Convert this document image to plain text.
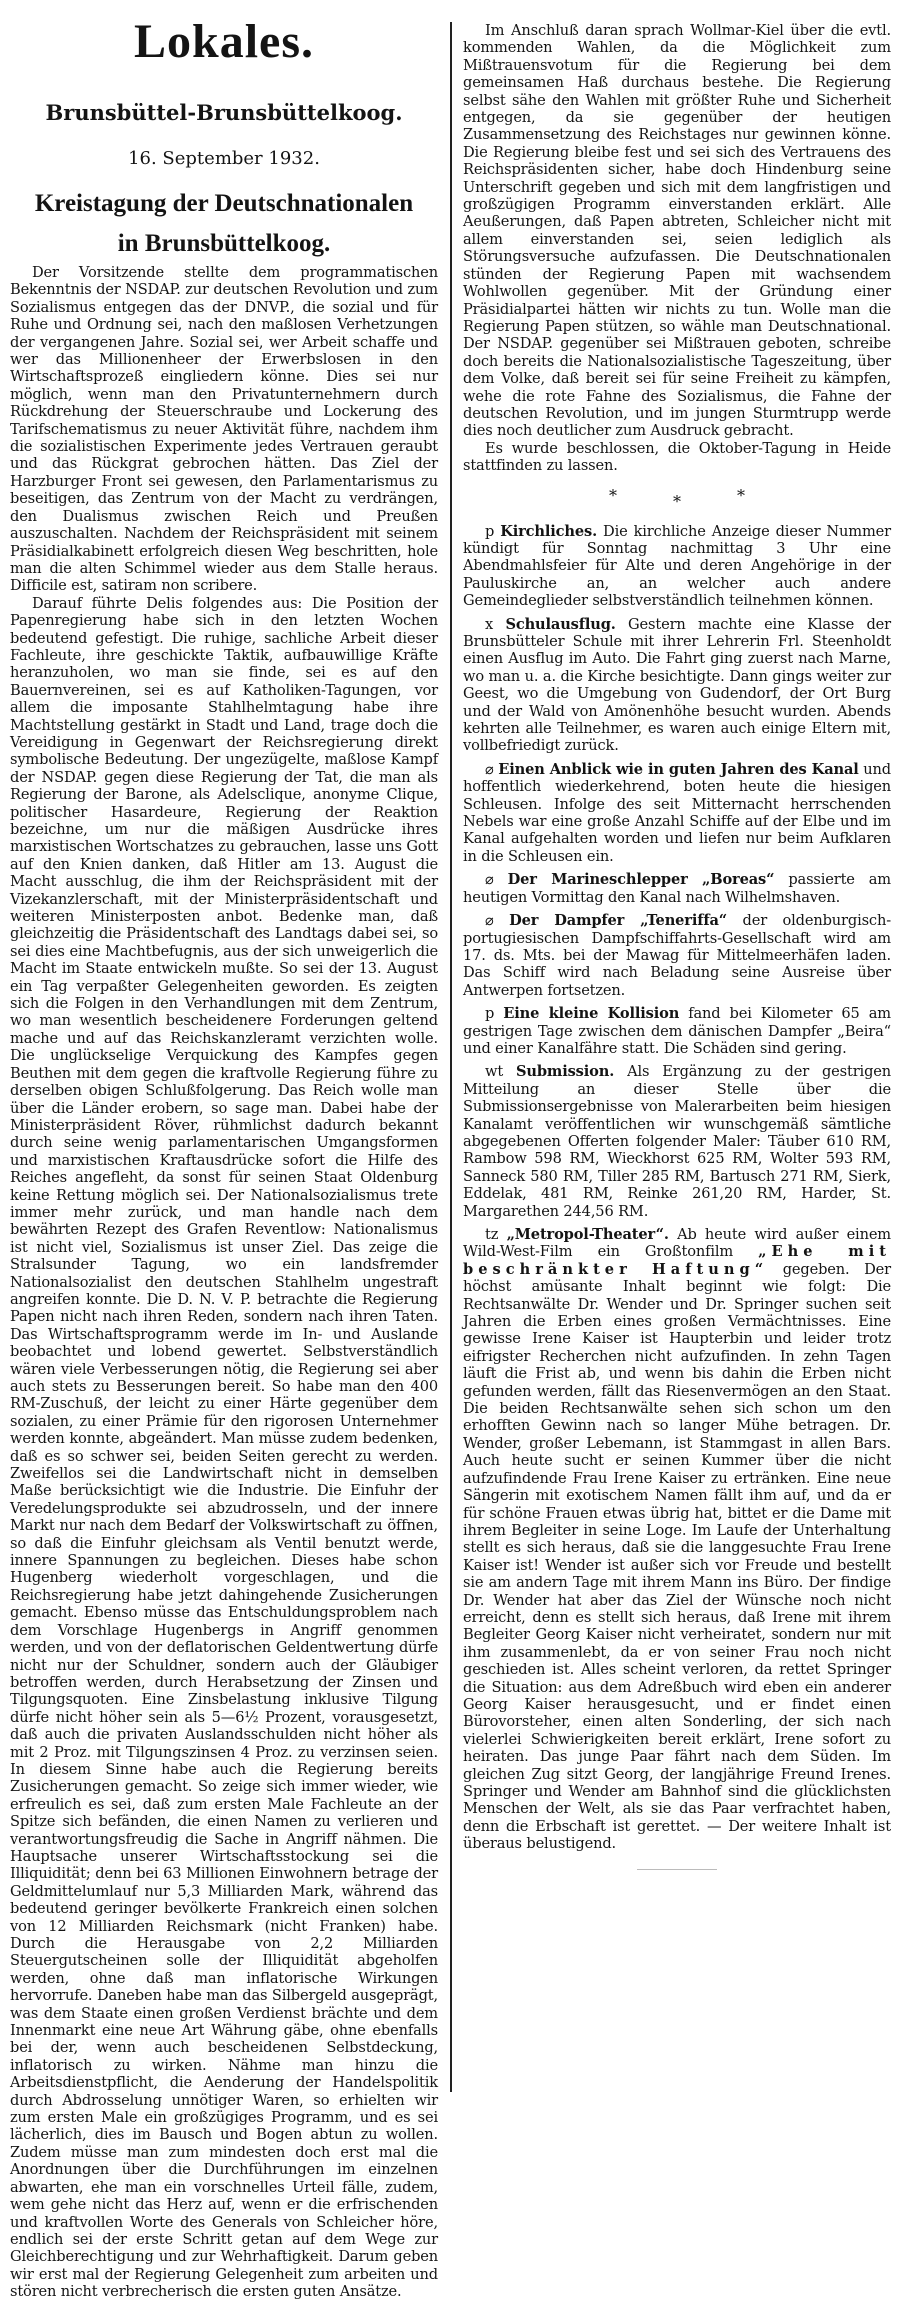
Lokales.
Brunsbüttel-Brunsbüttelkoog.
16. September 1932.
Kreistagung der Deutschnationalen
in Brunsbüttelkoog.

Der Vorsitzende stellte dem programmatischen Bekenntnis der NSDAP. zur deutschen Revolution und zum Sozialismus entgegen das der DNVP., die sozial und für Ruhe und Ordnung sei, nach den maßlosen Verhetzungen der vergangenen Jahre. Sozial sei, wer Arbeit schaffe und wer das Millionenheer der Erwerbslosen in den Wirtschaftsprozeß eingliedern könne. Dies sei nur möglich, wenn man den Privatunternehmern durch Rückdrehung der Steuerschraube und Lockerung des Tarifschematismus zu neuer Aktivität führe, nachdem ihm die sozialistischen Experimente jedes Vertrauen geraubt und das Rückgrat gebrochen hätten. Das Ziel der Harzburger Front sei gewesen, den Parlamentarismus zu beseitigen, das Zentrum von der Macht zu verdrängen, den Dualismus zwischen Reich und Preußen auszuschalten. Nachdem der Reichspräsident mit seinem Präsidialkabinett erfolgreich diesen Weg beschritten, hole man die alten Schimmel wieder aus dem Stalle heraus. Difficile est, satiram non scribere.

Darauf führte Delis folgendes aus: Die Position der Papenregierung habe sich in den letzten Wochen bedeutend gefestigt. Die ruhige, sachliche Arbeit dieser Fachleute, ihre geschickte Taktik, aufbauwillige Kräfte heranzuholen, wo man sie finde, sei es auf den Bauernvereinen, sei es auf Katholiken-Tagungen, vor allem die imposante Stahlhelmtagung habe ihre Machtstellung gestärkt in Stadt und Land, trage doch die Vereidigung in Gegenwart der Reichsregierung direkt symbolische Bedeutung. Der ungezügelte, maßlose Kampf der NSDAP. gegen diese Regierung der Tat, die man als Regierung der Barone, als Adelsclique, anonyme Clique, politischer Hasardeure, Regierung der Reaktion bezeichne, um nur die mäßigen Ausdrücke ihres marxistischen Wortschatzes zu gebrauchen, lasse uns Gott auf den Knien danken, daß Hitler am 13. August die Macht ausschlug, die ihm der Reichspräsident mit der Vizekanzlerschaft, mit der Ministerpräsidentschaft und weiteren Ministerposten anbot. Bedenke man, daß gleichzeitig die Präsidentschaft des Landtags dabei sei, so sei dies eine Machtbefugnis, aus der sich unweigerlich die Macht im Staate entwickeln mußte. So sei der 13. August ein Tag verpaßter Gelegenheiten geworden. Es zeigten sich die Folgen in den Verhandlungen mit dem Zentrum, wo man wesentlich bescheidenere Forderungen geltend mache und auf das Reichskanzleramt verzichten wolle. Die unglückselige Verquickung des Kampfes gegen Beuthen mit dem gegen die kraftvolle Regierung führe zu derselben obigen Schlußfolgerung. Das Reich wolle man über die Länder erobern, so sage man. Dabei habe der Ministerpräsident Röver, rühmlichst dadurch bekannt durch seine wenig parlamentarischen Umgangsformen und marxistischen Kraftausdrücke sofort die Hilfe des Reiches angefleht, da sonst für seinen Staat Oldenburg keine Rettung möglich sei. Der Nationalsozialismus trete immer mehr zurück, und man handle nach dem bewährten Rezept des Grafen Reventlow: Nationalismus ist nicht viel, Sozialismus ist unser Ziel. Das zeige die Stralsunder Tagung, wo ein landsfremder Nationalsozialist den deutschen Stahlhelm ungestraft angreifen konnte. Die D. N. V. P. betrachte die Regierung Papen nicht nach ihren Reden, sondern nach ihren Taten. Das Wirtschaftsprogramm werde im In- und Auslande beobachtet und lobend gewertet. Selbstverständlich wären viele Verbesserungen nötig, die Regierung sei aber auch stets zu Besserungen bereit. So habe man den 400 RM-Zuschuß, der leicht zu einer Härte gegenüber dem sozialen, zu einer Prämie für den rigorosen Unternehmer werden konnte, abgeändert. Man müsse zudem bedenken, daß es so schwer sei, beiden Seiten gerecht zu werden. Zweifellos sei die Landwirtschaft nicht in demselben Maße berücksichtigt wie die Industrie. Die Einfuhr der Veredelungsprodukte sei abzudrosseln, und der innere Markt nur nach dem Bedarf der Volkswirtschaft zu öffnen, so daß die Einfuhr gleichsam als Ventil benutzt werde, innere Spannungen zu begleichen. Dieses habe schon Hugenberg wiederholt vorgeschlagen, und die Reichsregierung habe jetzt dahingehende Zusicherungen gemacht. Ebenso müsse das Entschuldungsproblem nach dem Vorschlage Hugenbergs in Angriff genommen werden, und von der deflatorischen Geldentwertung dürfe nicht nur der Schuldner, sondern auch der Gläubiger betroffen werden, durch Herabsetzung der Zinsen und Tilgungsquoten. Eine Zinsbelastung inklusive Tilgung dürfe nicht höher sein als 5—6½ Prozent, vorausgesetzt, daß auch die privaten Auslandsschulden nicht höher als mit 2 Proz. mit Tilgungszinsen 4 Proz. zu verzinsen seien. In diesem Sinne habe auch die Regierung bereits Zusicherungen gemacht. So zeige sich immer wieder, wie erfreulich es sei, daß zum ersten Male Fachleute an der Spitze sich befänden, die einen Namen zu verlieren und verantwortungsfreudig die Sache in Angriff nähmen. Die Hauptsache unserer Wirtschaftsstockung sei die Illiquidität; denn bei 63 Millionen Einwohnern betrage der Geldmittelumlauf nur 5,3 Milliarden Mark, während das bedeutend geringer bevölkerte Frankreich einen solchen von 12 Milliarden Reichsmark (nicht Franken) habe. Durch die Herausgabe von 2,2 Milliarden Steuergutscheinen solle der Illiquidität abgeholfen werden, ohne daß man inflatorische Wirkungen hervorrufe. Daneben habe man das Silbergeld ausgeprägt, was dem Staate einen großen Verdienst brächte und dem Innenmarkt eine neue Art Währung gäbe, ohne ebenfalls bei der, wenn auch bescheidenen Selbstdeckung, inflatorisch zu wirken. Nähme man hinzu die Arbeitsdienstpflicht, die Aenderung der Handelspolitik durch Abdrosselung unnötiger Waren, so erhielten wir zum ersten Male ein großzügiges Programm, und es sei lächerlich, dies im Bausch und Bogen abtun zu wollen. Zudem müsse man zum mindesten doch erst mal die Anordnungen über die Durchführungen im einzelnen abwarten, ehe man ein vorschnelles Urteil fälle, zudem, wem gehe nicht das Herz auf, wenn er die erfrischenden und kraftvollen Worte des Generals von Schleicher höre, endlich sei der erste Schritt getan auf dem Wege zur Gleichberechtigung und zur Wehrhaftigkeit. Darum geben wir erst mal der Regierung Gelegenheit zum arbeiten und stören nicht verbrecherisch die ersten guten Ansätze.

Im Anschluß daran sprach Wollmar-Kiel über die evtl. kommenden Wahlen, da die Möglichkeit zum Mißtrauensvotum für die Regierung bei dem gemeinsamen Haß durchaus bestehe. Die Regierung selbst sähe den Wahlen mit größter Ruhe und Sicherheit entgegen, da sie gegenüber der heutigen Zusammensetzung des Reichstages nur gewinnen könne. Die Regierung bleibe fest und sei sich des Vertrauens des Reichspräsidenten sicher, habe doch Hindenburg seine Unterschrift gegeben und sich mit dem langfristigen und großzügigen Programm einverstanden erklärt. Alle Aeußerungen, daß Papen abtreten, Schleicher nicht mit allem einverstanden sei, seien lediglich als Störungsversuche aufzufassen. Die Deutschnationalen stünden der Regierung Papen mit wachsendem Wohlwollen gegenüber. Mit der Gründung einer Präsidialpartei hätten wir nichts zu tun. Wolle man die Regierung Papen stützen, so wähle man Deutschnational. Der NSDAP. gegenüber sei Mißtrauen geboten, schreibe doch bereits die Nationalsozialistische Tageszeitung, über dem Volke, daß bereit sei für seine Freiheit zu kämpfen, wehe die rote Fahne des Sozialismus, die Fahne der deutschen Revolution, und im jungen Sturmtrupp werde dies noch deutlicher zum Ausdruck gebracht.

Es wurde beschlossen, die Oktober-Tagung in Heide stattfinden zu lassen.

*	*	*

p Kirchliches. Die kirchliche Anzeige dieser Nummer kündigt für Sonntag nachmittag 3 Uhr eine Abendmahlsfeier für Alte und deren Angehörige in der Pauluskirche an, an welcher auch andere Gemeindeglieder selbstverständlich teilnehmen können.

x Schulausflug. Gestern machte eine Klasse der Brunsbütteler Schule mit ihrer Lehrerin Frl. Steenholdt einen Ausflug im Auto. Die Fahrt ging zuerst nach Marne, wo man u. a. die Kirche besichtigte. Dann gings weiter zur Geest, wo die Umgebung von Gudendorf, der Ort Burg und der Wald von Amönenhöhe besucht wurden. Abends kehrten alle Teilnehmer, es waren auch einige Eltern mit, vollbefriedigt zurück.

⌀ Einen Anblick wie in guten Jahren des Kanal und hoffentlich wiederkehrend, boten heute die hiesigen Schleusen. Infolge des seit Mitternacht herrschenden Nebels war eine große Anzahl Schiffe auf der Elbe und im Kanal aufgehalten worden und liefen nur beim Aufklaren in die Schleusen ein.

⌀ Der Marineschlepper „Boreas“ passierte am heutigen Vormittag den Kanal nach Wilhelmshaven.

⌀ Der Dampfer „Teneriffa“ der oldenburgisch-portugiesischen Dampfschiffahrts-Gesellschaft wird am 17. ds. Mts. bei der Mawag für Mittelmeerhäfen laden. Das Schiff wird nach Beladung seine Ausreise über Antwerpen fortsetzen.

p Eine kleine Kollision fand bei Kilometer 65 am gestrigen Tage zwischen dem dänischen Dampfer „Beira“ und einer Kanalfähre statt. Die Schäden sind gering.

wt Submission. Als Ergänzung zu der gestrigen Mitteilung an dieser Stelle über die Submissionsergebnisse von Malerarbeiten beim hiesigen Kanalamt veröffentlichen wir wunschgemäß sämtliche abgegebenen Offerten folgender Maler: Täuber 610 RM, Rambow 598 RM, Wieckhorst 625 RM, Wolter 593 RM, Sanneck 580 RM, Tiller 285 RM, Bartusch 271 RM, Sierk, Eddelak, 481 RM, Reinke 261,20 RM, Harder, St. Margarethen 244,56 RM.

tz „Metropol-Theater“. Ab heute wird außer einem Wild-West-Film ein Großtonfilm „Ehe mit beschränkter Haftung“ gegeben. Der höchst amüsante Inhalt beginnt wie folgt: Die Rechtsanwälte Dr. Wender und Dr. Springer suchen seit Jahren die Erben eines großen Vermächtnisses. Eine gewisse Irene Kaiser ist Haupterbin und leider trotz eifrigster Recherchen nicht aufzufinden. In zehn Tagen läuft die Frist ab, und wenn bis dahin die Erben nicht gefunden werden, fällt das Riesenvermögen an den Staat. Die beiden Rechtsanwälte sehen sich schon um den erhofften Gewinn nach so langer Mühe betragen. Dr. Wender, großer Lebemann, ist Stammgast in allen Bars. Auch heute sucht er seinen Kummer über die nicht aufzufindende Frau Irene Kaiser zu ertränken. Eine neue Sängerin mit exotischem Namen fällt ihm auf, und da er für schöne Frauen etwas übrig hat, bittet er die Dame mit ihrem Begleiter in seine Loge. Im Laufe der Unterhaltung stellt es sich heraus, daß sie die langgesuchte Frau Irene Kaiser ist! Wender ist außer sich vor Freude und bestellt sie am andern Tage mit ihrem Mann ins Büro. Der findige Dr. Wender hat aber das Ziel der Wünsche noch nicht erreicht, denn es stellt sich heraus, daß Irene mit ihrem Begleiter Georg Kaiser nicht verheiratet, sondern nur mit ihm zusammenlebt, da er von seiner Frau noch nicht geschieden ist. Alles scheint verloren, da rettet Springer die Situation: aus dem Adreßbuch wird eben ein anderer Georg Kaiser herausgesucht, und er findet einen Bürovorsteher, einen alten Sonderling, der sich nach vielerlei Schwierigkeiten bereit erklärt, Irene sofort zu heiraten. Das junge Paar fährt nach dem Süden. Im gleichen Zug sitzt Georg, der langjährige Freund Irenes. Springer und Wender am Bahnhof sind die glücklichsten Menschen der Welt, als sie das Paar verfrachtet haben, denn die Erbschaft ist gerettet. — Der weitere Inhalt ist überaus belustigend.
